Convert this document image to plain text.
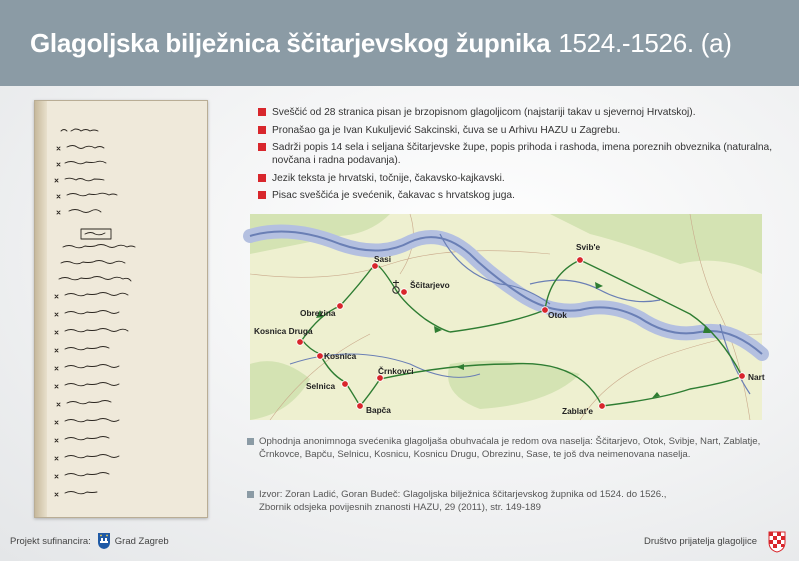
Glagoljska bilježnica ščitarjevskog župnika 1524.-1526. (a)
Sveščić od 28 stranica pisan je brzopisnom glagoljicom (najstariji takav u sjevernoj Hrvatskoj).
Pronašao ga je Ivan Kukuljević Sakcinski, čuva se u Arhivu HAZU u Zagrebu.
Sadrži popis 14 sela i seljana ščitarjevske župe, popis prihoda i rashoda, imena poreznih obveznika (naturalna, novčana i radna podavanja).
Jezik teksta je hrvatski, točnije, čakavsko-kajkavski.
Pisac sveščića je svećenik, čakavac s hrvatskog juga.
Sasi
Ščitarjevo
Obrezina
Svib'e
Otok
Kosnica Druga
Kosnica
Črnkovci
Selnica
Bapča
Nart
Zablat'e
Ophodnja anonimnoga svećenika glagoljaša obuhvaćala je redom ova naselja: Ščitarjevo, Otok, Svibje, Nart, Zablatje, Črnkovce, Bapču, Selnicu, Kosnicu, Kosnicu Drugu, Obrezinu, Sase, te još dva neimenovana naselja.
Izvor: Zoran Ladić, Goran Budeč: Glagoljska bilježnica ščitarjevskog župnika od 1524. do 1526.,
Zbornik odsjeka povijesnih znanosti HAZU, 29 (2011), str. 149-189
Projekt sufinancira:	Grad Zagreb	Društvo prijatelja glagoljice
